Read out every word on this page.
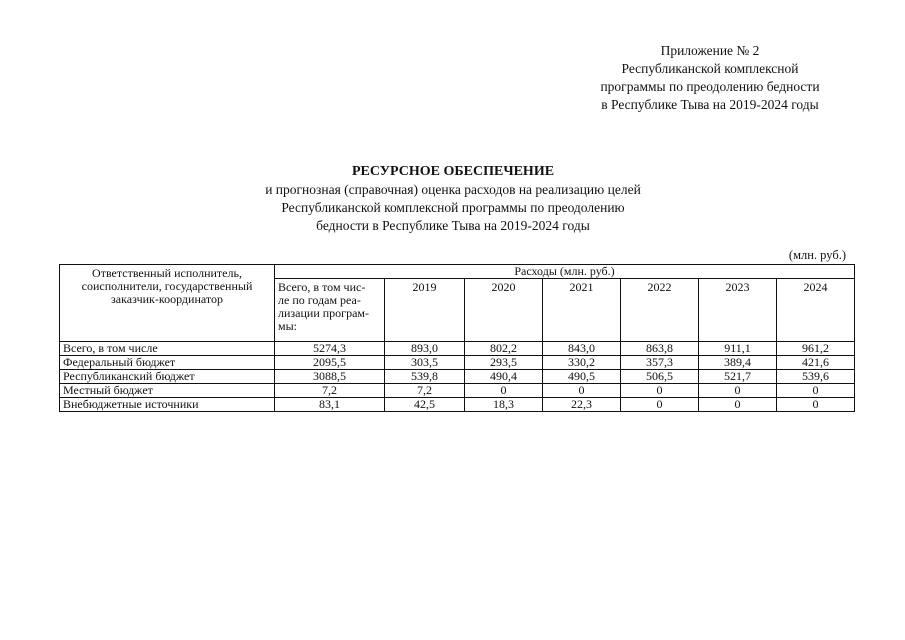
Приложение № 2
Республиканской комплексной
программы по преодолению бедности
в Республике Тыва на 2019-2024 годы
РЕСУРСНОЕ ОБЕСПЕЧЕНИЕ
и прогнозная (справочная) оценка расходов на реализацию целей
Республиканской комплексной программы по преодолению
бедности в Республике Тыва на 2019-2024 годы
(млн. руб.)
Ответственный исполнитель,
соисполнители, государственный
заказчик-координатор	Расходы (млн. руб.)						

	Всего, в том чис-
ле по годам реа-
лизации програм-
мы:	2019	2020	2021	2022	2023	2024
Всего, в том числе	5274,3	893,0	802,2	843,0	863,8	911,1	961,2
Федеральный бюджет	2095,5	303,5	293,5	330,2	357,3	389,4	421,6
Республиканский бюджет	3088,5	539,8	490,4	490,5	506,5	521,7	539,6
Местный бюджет	7,2	7,2	0	0	0	0	0
Внебюджетные источники	83,1	42,5	18,3	22,3	0	0	0
